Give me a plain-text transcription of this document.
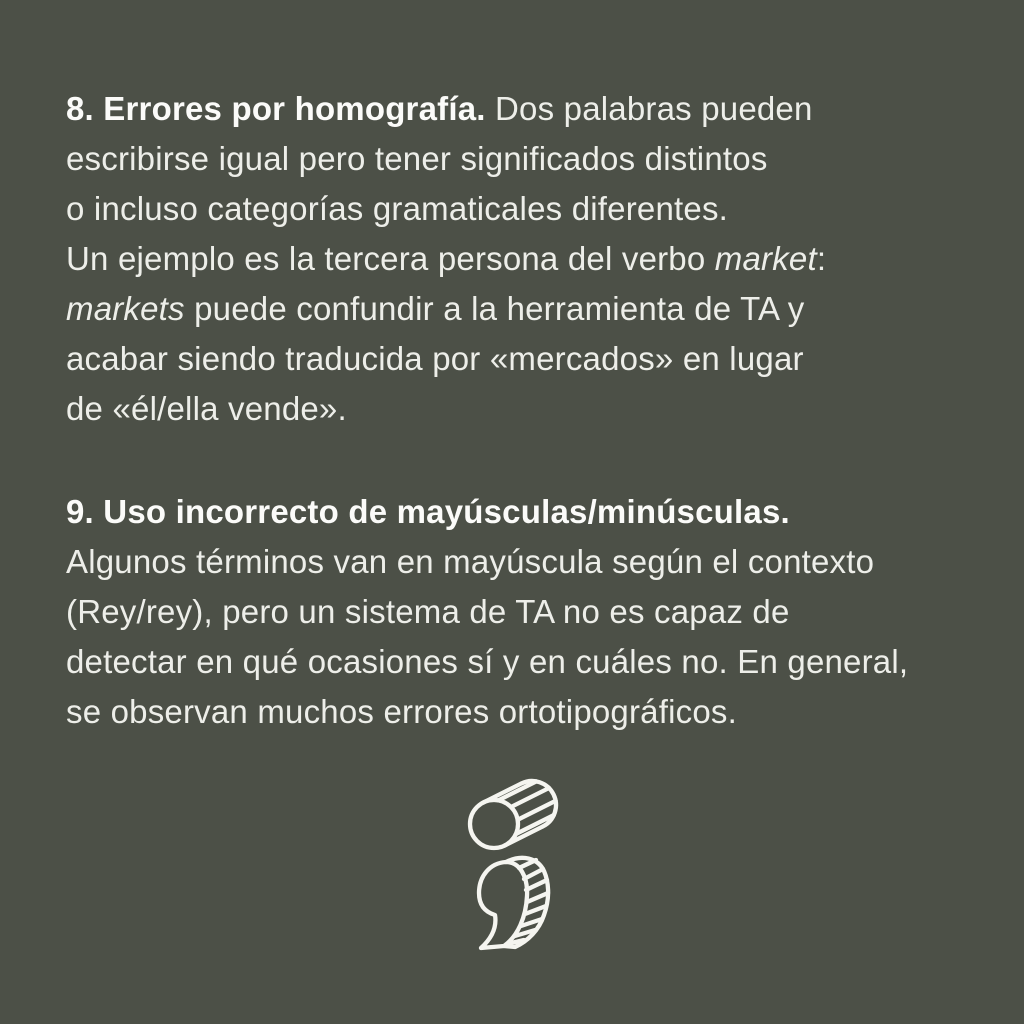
8. Errores por homografía. Dos palabras pueden
escribirse igual pero tener significados distintos
o incluso categorías gramaticales diferentes.
Un ejemplo es la tercera persona del verbo market:
markets puede confundir a la herramienta de TA y
acabar siendo traducida por «mercados» en lugar
de «él/ella vende».
9. Uso incorrecto de mayúsculas/minúsculas.
Algunos términos van en mayúscula según el contexto
(Rey/rey), pero un sistema de TA no es capaz de
detectar en qué ocasiones sí y en cuáles no. En general,
se observan muchos errores ortotipográficos.
